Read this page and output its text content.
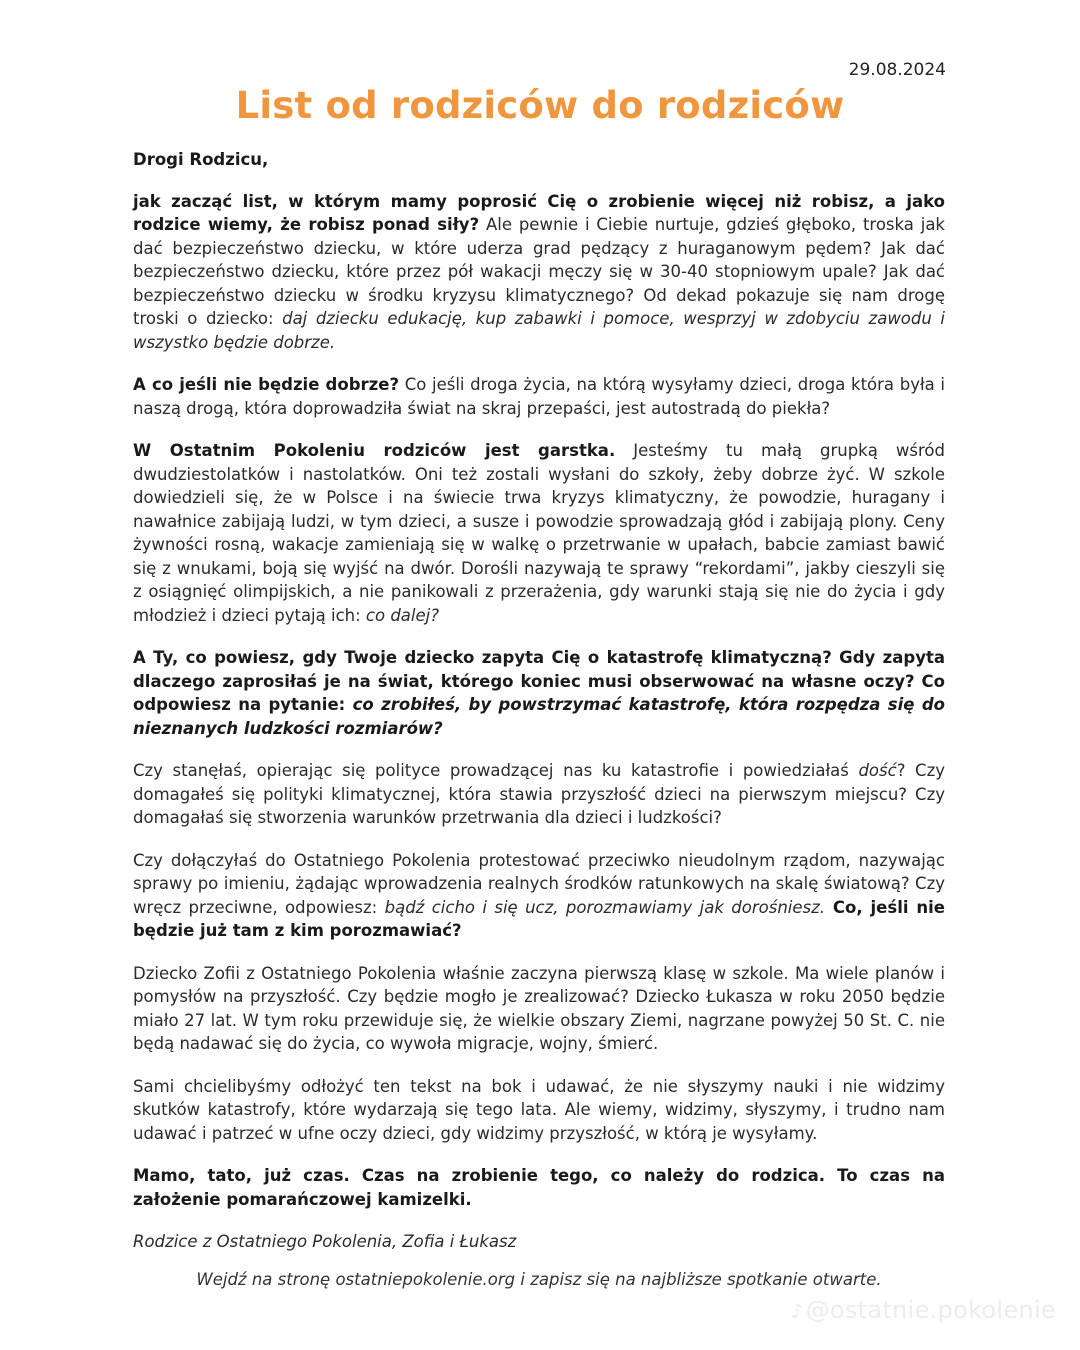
29.08.2024
List od rodziców do rodziców

Drogi Rodzicu,

jak zacząć list, w którym mamy poprosić Cię o zrobienie więcej niż robisz, a jako rodzice wiemy, że robisz ponad siły? Ale pewnie i Ciebie nurtuje, gdzieś głęboko, troska jak dać bezpieczeństwo dziecku, w które uderza grad pędzący z huraganowym pędem? Jak dać bezpieczeństwo dziecku, które przez pół wakacji męczy się w 30-40 stopniowym upale? Jak dać bezpieczeństwo dziecku w środku kryzysu klimatycznego? Od dekad pokazuje się nam drogę troski o dziecko: daj dziecku edukację, kup zabawki i pomoce, wesprzyj w zdobyciu zawodu i wszystko będzie dobrze.

A co jeśli nie będzie dobrze? Co jeśli droga życia, na którą wysyłamy dzieci, droga która była i naszą drogą, która doprowadziła świat na skraj przepaści, jest autostradą do piekła?

W Ostatnim Pokoleniu rodziców jest garstka. Jesteśmy tu małą grupką wśród dwudziestolatków i nastolatków. Oni też zostali wysłani do szkoły, żeby dobrze żyć. W szkole dowiedzieli się, że w Polsce i na świecie trwa kryzys klimatyczny, że powodzie, huragany i nawałnice zabijają ludzi, w tym dzieci, a susze i powodzie sprowadzają głód i zabijają plony. Ceny żywności rosną, wakacje zamieniają się w walkę o przetrwanie w upałach, babcie zamiast bawić się z wnukami, boją się wyjść na dwór. Dorośli nazywają te sprawy “rekordami”, jakby cieszyli się z osiągnięć olimpijskich, a nie panikowali z przerażenia, gdy warunki stają się nie do życia i gdy młodzież i dzieci pytają ich: co dalej?

A Ty, co powiesz, gdy Twoje dziecko zapyta Cię o katastrofę klimatyczną? Gdy zapyta dlaczego zaprosiłaś je na świat, którego koniec musi obserwować na własne oczy? Co odpowiesz na pytanie: co zrobiłeś, by powstrzymać katastrofę, która rozpędza się do nieznanych ludzkości rozmiarów?

Czy stanęłaś, opierając się polityce prowadzącej nas ku katastrofie i powiedziałaś dość? Czy domagałeś się polityki klimatycznej, która stawia przyszłość dzieci na pierwszym miejscu? Czy domagałaś się stworzenia warunków przetrwania dla dzieci i ludzkości?

Czy dołączyłaś do Ostatniego Pokolenia protestować przeciwko nieudolnym rządom, nazywając sprawy po imieniu, żądając wprowadzenia realnych środków ratunkowych na skalę światową? Czy wręcz przeciwne, odpowiesz: bądź cicho i się ucz, porozmawiamy jak dorośniesz. Co, jeśli nie będzie już tam z kim porozmawiać?

Dziecko Zofii z Ostatniego Pokolenia właśnie zaczyna pierwszą klasę w szkole. Ma wiele planów i pomysłów na przyszłość. Czy będzie mogło je zrealizować? Dziecko Łukasza w roku 2050 będzie miało 27 lat. W tym roku przewiduje się, że wielkie obszary Ziemi, nagrzane powyżej 50 St. C. nie będą nadawać się do życia, co wywoła migracje, wojny, śmierć.

Sami chcielibyśmy odłożyć ten tekst na bok i udawać, że nie słyszymy nauki i nie widzimy skutków katastrofy, które wydarzają się tego lata. Ale wiemy, widzimy, słyszymy, i trudno nam udawać i patrzeć w ufne oczy dzieci, gdy widzimy przyszłość, w którą je wysyłamy.

Mamo, tato, już czas. Czas na zrobienie tego, co należy do rodzica. To czas na założenie pomarańczowej kamizelki.

Rodzice z Ostatniego Pokolenia, Zofia i Łukasz

Wejdź na stronę ostatniepokolenie.org i zapisz się na najbliższe spotkanie otwarte.

♪@ostatnie.pokolenie
